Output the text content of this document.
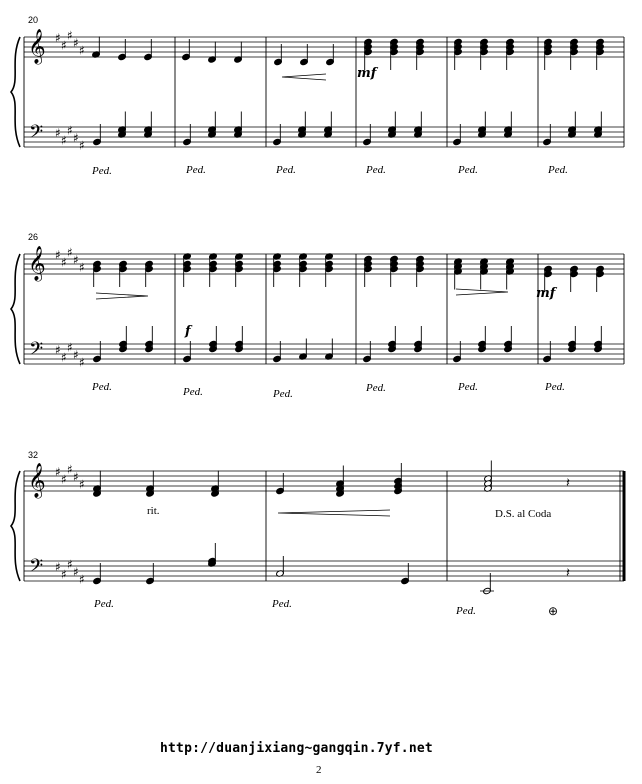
𝄞
𝄢
♯
♯
♯
♯
♯
♯
♯
♯
♯
♯
𝄞
𝄢
♯
♯
♯
♯
♯
♯
♯
♯
♯
♯
𝄞
𝄢
♯
♯
♯
♯
♯
♯
♯
♯
♯
♯
𝄽
𝄽
20
26
32
mf
mf
f
rit.	D.S. al Coda
Ped.	Ped.	Ped.	Ped.	Ped.	Ped.
Ped.	Ped.	Ped.	Ped.	Ped.	Ped.
Ped.	Ped.
Ped.	⊕
http://duanjixiang~gangqin.7yf.net
2
